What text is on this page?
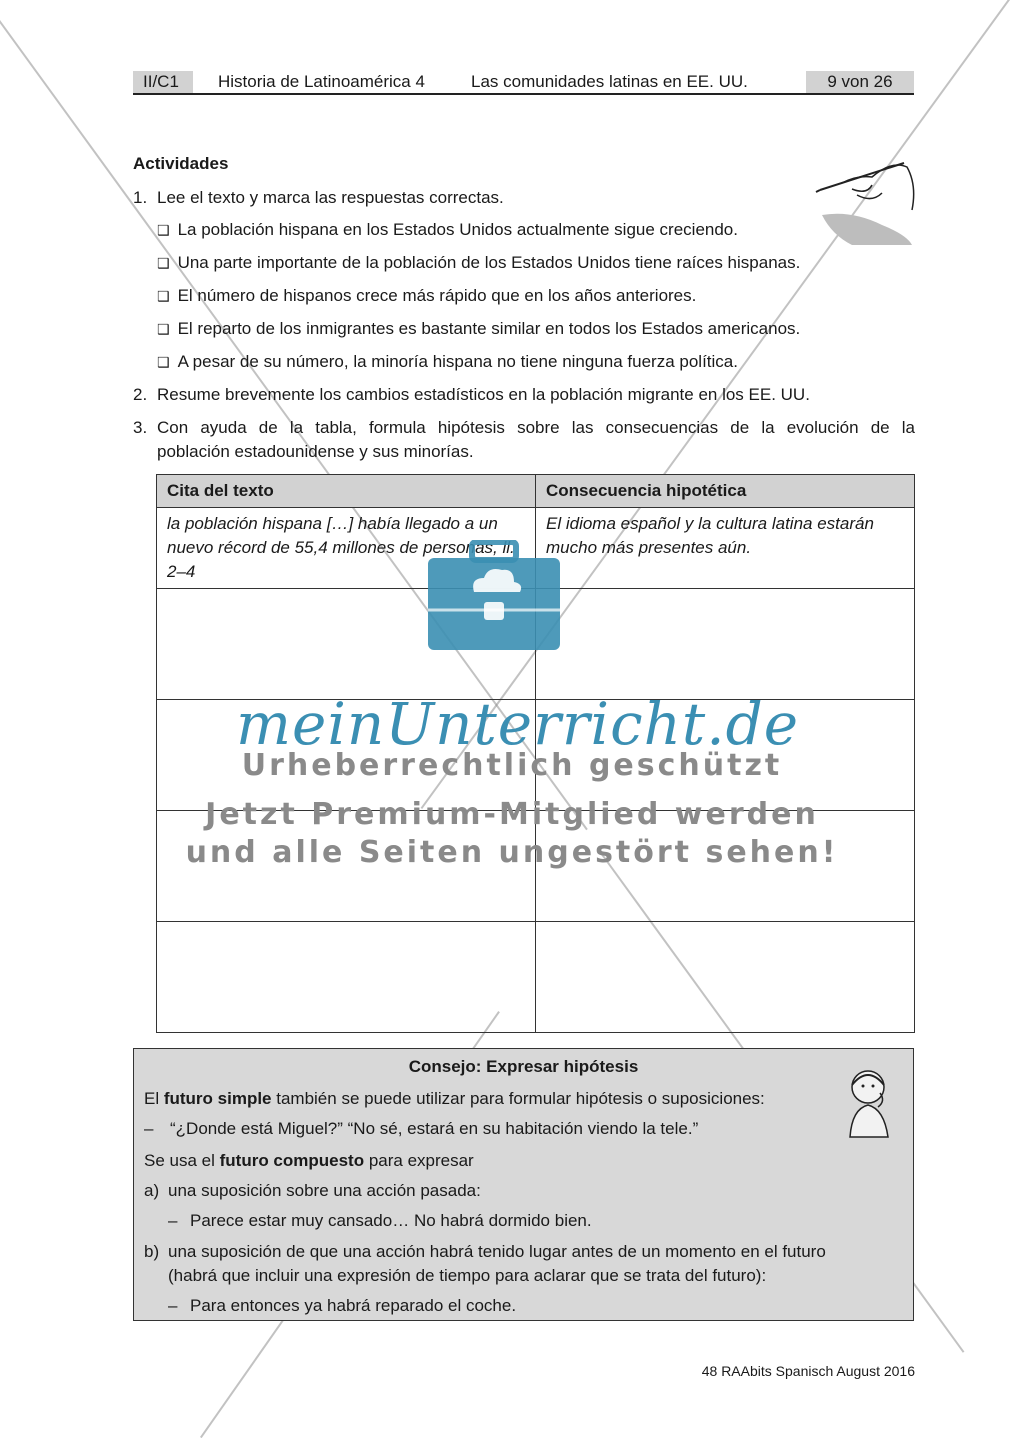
II/C1	Historia de Latinoamérica 4	Las comunidades latinas en EE. UU.	9 von 26
Actividades
1. Lee el texto y marca las respuestas correctas.
❑ La población hispana en los Estados Unidos actualmente sigue creciendo.
❑ Una parte importante de la población de los Estados Unidos tiene raíces hispanas.
❑ El número de hispanos crece más rápido que en los años anteriores.
❑ El reparto de los inmigrantes es bastante similar en todos los Estados americanos.
❑ A pesar de su número, la minoría hispana no tiene ninguna fuerza política.
2. Resume brevemente los cambios estadísticos en la población migrante en los EE. UU.
3. Con ayuda de la tabla, formula hipótesis sobre las consecuencias de la evolución de la
población estadounidense y sus minorías.
Cita del texto	Consecuencia hipotética
la población hispana […] había llegado a un nuevo récord de 55,4 millones de personas, ll. 2–4	El idioma español y la cultura latina estarán mucho más presentes aún.

Consejo: Expresar hipótesis
El futuro simple también se puede utilizar para formular hipótesis o suposiciones:
– “¿Donde está Miguel?” “No sé, estará en su habitación viendo la tele.”
Se usa el futuro compuesto para expresar
a) una suposición sobre una acción pasada:
– Parece estar muy cansado… No habrá dormido bien.
b) una suposición de que una acción habrá tenido lugar antes de un momento en el futuro
(habrá que incluir una expresión de tiempo para aclarar que se trata del futuro):
– Para entonces ya habrá reparado el coche.
meinUnterricht.de
Urheberrechtlich geschützt
Jetzt Premium-Mitglied werden
und alle Seiten ungestört sehen!
48 RAAbits Spanisch August 2016
